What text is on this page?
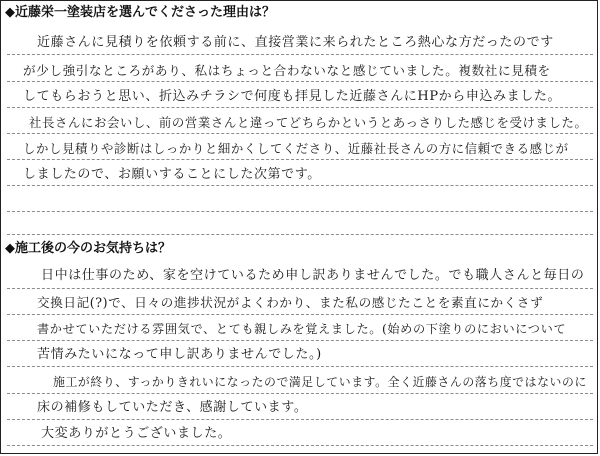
◆近藤栄一塗装店を選んでくださった理由は？
近藤さんに見積りを依頼する前に、直接営業に来られたところ熱心な方だったのです
が少し強引なところがあり、私はちょっと合わないなと感じていました。複数社に見積を
してもらおうと思い、折込みチラシで何度も拝見した近藤さんにHPから申込みました。
社長さんにお会いし、前の営業さんと違ってどちらかというとあっさりした感じを受けました。
しかし見積りや診断はしっかりと細かくしてくださり、近藤社長さんの方に信頼できる感じが
しましたので、お願いすることにした次第です。
◆施工後の今のお気持ちは？
日中は仕事のため、家を空けているため申し訳ありませんでした。でも職人さんと毎日の
交換日記(?)で、日々の進捗状況がよくわかり、また私の感じたことを素直にかくさず
書かせていただける雰囲気で、とても親しみを覚えました。(始めの下塗りのにおいについて
苦情みたいになって申し訳ありませんでした。)
施工が終り、すっかりきれいになったので満足しています。全く近藤さんの落ち度ではないのに
床の補修もしていただき、感謝しています。
大変ありがとうございました。
